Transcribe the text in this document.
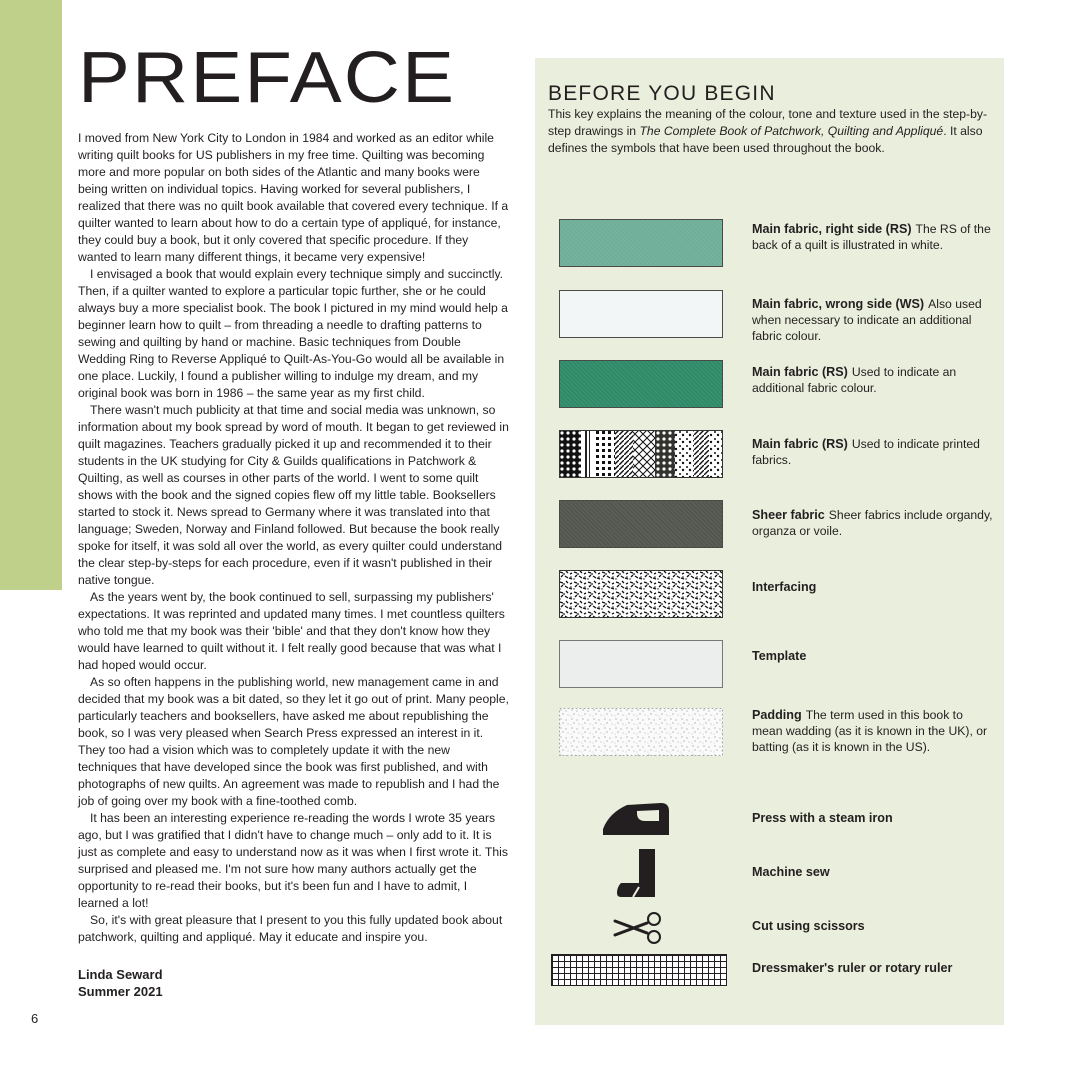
PREFACE

I moved from New York City to London in 1984 and worked as an editor while writing quilt books for US publishers in my free time. Quilting was becoming more and more popular on both sides of the Atlantic and many books were being written on individual topics. Having worked for several publishers, I realized that there was no quilt book available that covered every technique. If a quilter wanted to learn about how to do a certain type of appliqué, for instance, they could buy a book, but it only covered that specific procedure. If they wanted to learn many different things, it became very expensive!

I envisaged a book that would explain every technique simply and succinctly. Then, if a quilter wanted to explore a particular topic further, she or he could always buy a more specialist book. The book I pictured in my mind would help a beginner learn how to quilt – from threading a needle to drafting patterns to sewing and quilting by hand or machine. Basic techniques from Double Wedding Ring to Reverse Appliqué to Quilt-As-You-Go would all be available in one place. Luckily, I found a publisher willing to indulge my dream, and my original book was born in 1986 – the same year as my first child.

There wasn't much publicity at that time and social media was unknown, so information about my book spread by word of mouth. It began to get reviewed in quilt magazines. Teachers gradually picked it up and recommended it to their students in the UK studying for City & Guilds qualifications in Patchwork & Quilting, as well as courses in other parts of the world. I went to some quilt shows with the book and the signed copies flew off my little table. Booksellers started to stock it. News spread to Germany where it was translated into that language; Sweden, Norway and Finland followed. But because the book really spoke for itself, it was sold all over the world, as every quilter could understand the clear step-by-steps for each procedure, even if it wasn't published in their native tongue.

As the years went by, the book continued to sell, surpassing my publishers' expectations. It was reprinted and updated many times. I met countless quilters who told me that my book was their 'bible' and that they don't know how they would have learned to quilt without it. I felt really good because that was what I had hoped would occur.

As so often happens in the publishing world, new management came in and decided that my book was a bit dated, so they let it go out of print. Many people, particularly teachers and booksellers, have asked me about republishing the book, so I was very pleased when Search Press expressed an interest in it. They too had a vision which was to completely update it with the new techniques that have developed since the book was first published, and with photographs of new quilts. An agreement was made to republish and I had the job of going over my book with a fine-toothed comb.

It has been an interesting experience re-reading the words I wrote 35 years ago, but I was gratified that I didn't have to change much – only add to it. It is just as complete and easy to understand now as it was when I first wrote it. This surprised and pleased me. I'm not sure how many authors actually get the opportunity to re-read their books, but it's been fun and I have to admit, I learned a lot!

So, it's with great pleasure that I present to you this fully updated book about patchwork, quilting and appliqué. May it educate and inspire you.

Linda Seward
Summer 2021
6
BEFORE YOU BEGIN

This key explains the meaning of the colour, tone and texture used in the step-by-step drawings in The Complete Book of Patchwork, Quilting and Appliqué. It also defines the symbols that have been used throughout the book.

Main fabric, right side (RS) The RS of the back of a quilt is illustrated in white.
Main fabric, wrong side (WS) Also used when necessary to indicate an additional fabric colour.
Main fabric (RS) Used to indicate an additional fabric colour.
Main fabric (RS) Used to indicate printed fabrics.
Sheer fabric Sheer fabrics include organdy, organza or voile.
Interfacing
Template
Padding The term used in this book to mean wadding (as it is known in the UK), or batting (as it is known in the US).
Press with a steam iron
Machine sew
Cut using scissors
Dressmaker's ruler or rotary ruler
